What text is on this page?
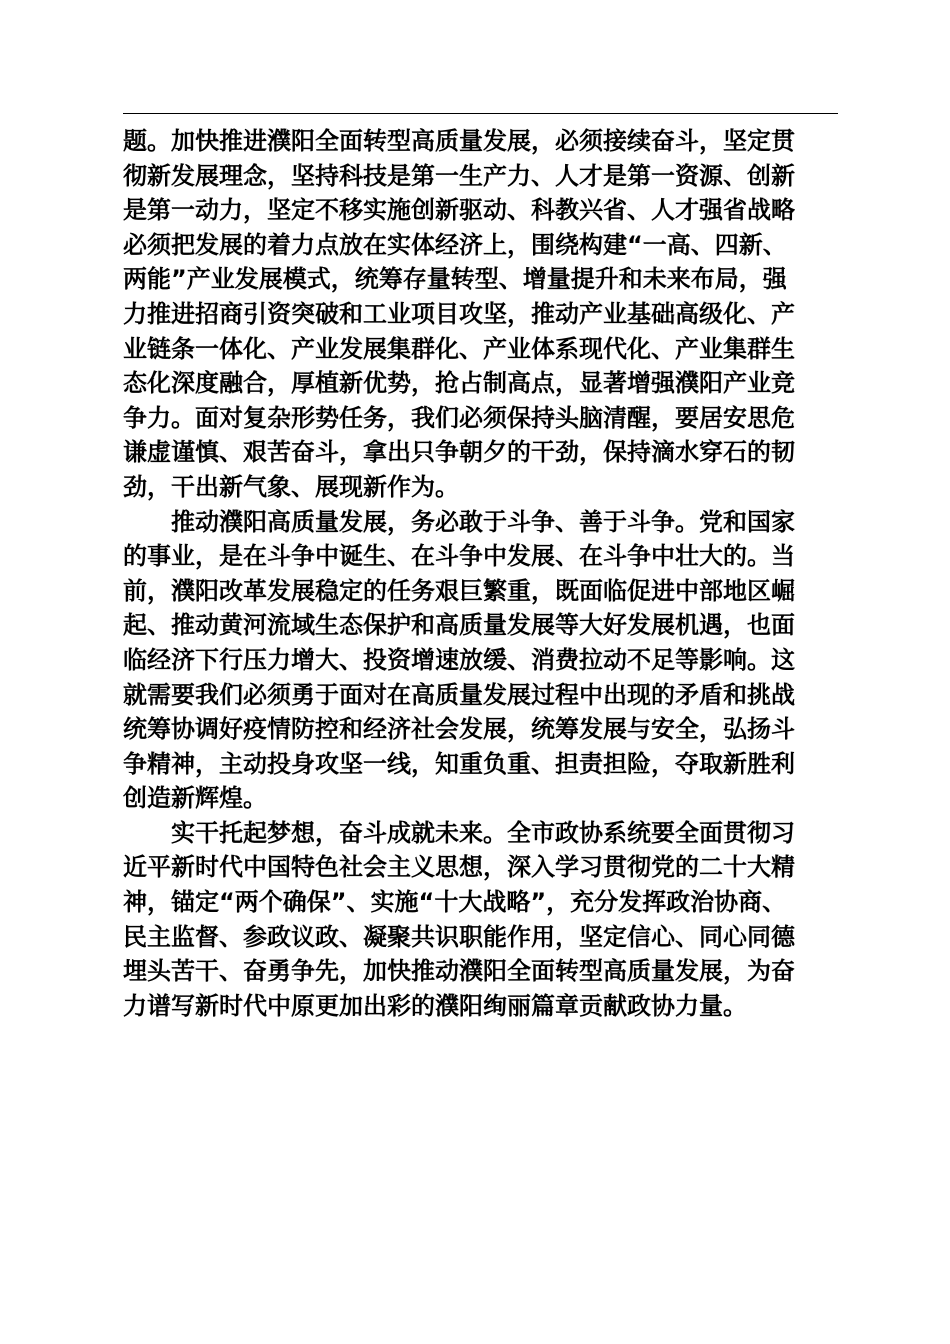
题。加快推进濮阳全面转型高质量发展，必须接续奋斗，坚定贯
彻新发展理念，坚持科技是第一生产力、人才是第一资源、创新
是第一动力，坚定不移实施创新驱动、科教兴省、人才强省战略
必须把发展的着力点放在实体经济上，围绕构建“一高、四新、
两能”产业发展模式，统筹存量转型、增量提升和未来布局，强
力推进招商引资突破和工业项目攻坚，推动产业基础高级化、产
业链条一体化、产业发展集群化、产业体系现代化、产业集群生
态化深度融合，厚植新优势，抢占制高点，显著增强濮阳产业竞
争力。面对复杂形势任务，我们必须保持头脑清醒，要居安思危
谦虚谨慎、艰苦奋斗，拿出只争朝夕的干劲，保持滴水穿石的韧
劲，干出新气象、展现新作为。
推动濮阳高质量发展，务必敢于斗争、善于斗争。党和国家
的事业，是在斗争中诞生、在斗争中发展、在斗争中壮大的。当
前，濮阳改革发展稳定的任务艰巨繁重，既面临促进中部地区崛
起、推动黄河流域生态保护和高质量发展等大好发展机遇，也面
临经济下行压力增大、投资增速放缓、消费拉动不足等影响。这
就需要我们必须勇于面对在高质量发展过程中出现的矛盾和挑战
统筹协调好疫情防控和经济社会发展，统筹发展与安全，弘扬斗
争精神，主动投身攻坚一线，知重负重、担责担险，夺取新胜利
创造新辉煌。
实干托起梦想，奋斗成就未来。全市政协系统要全面贯彻习
近平新时代中国特色社会主义思想，深入学习贯彻党的二十大精
神，锚定“两个确保”、实施“十大战略”，充分发挥政治协商、
民主监督、参政议政、凝聚共识职能作用，坚定信心、同心同德
埋头苦干、奋勇争先，加快推动濮阳全面转型高质量发展，为奋
力谱写新时代中原更加出彩的濮阳绚丽篇章贡献政协力量。
